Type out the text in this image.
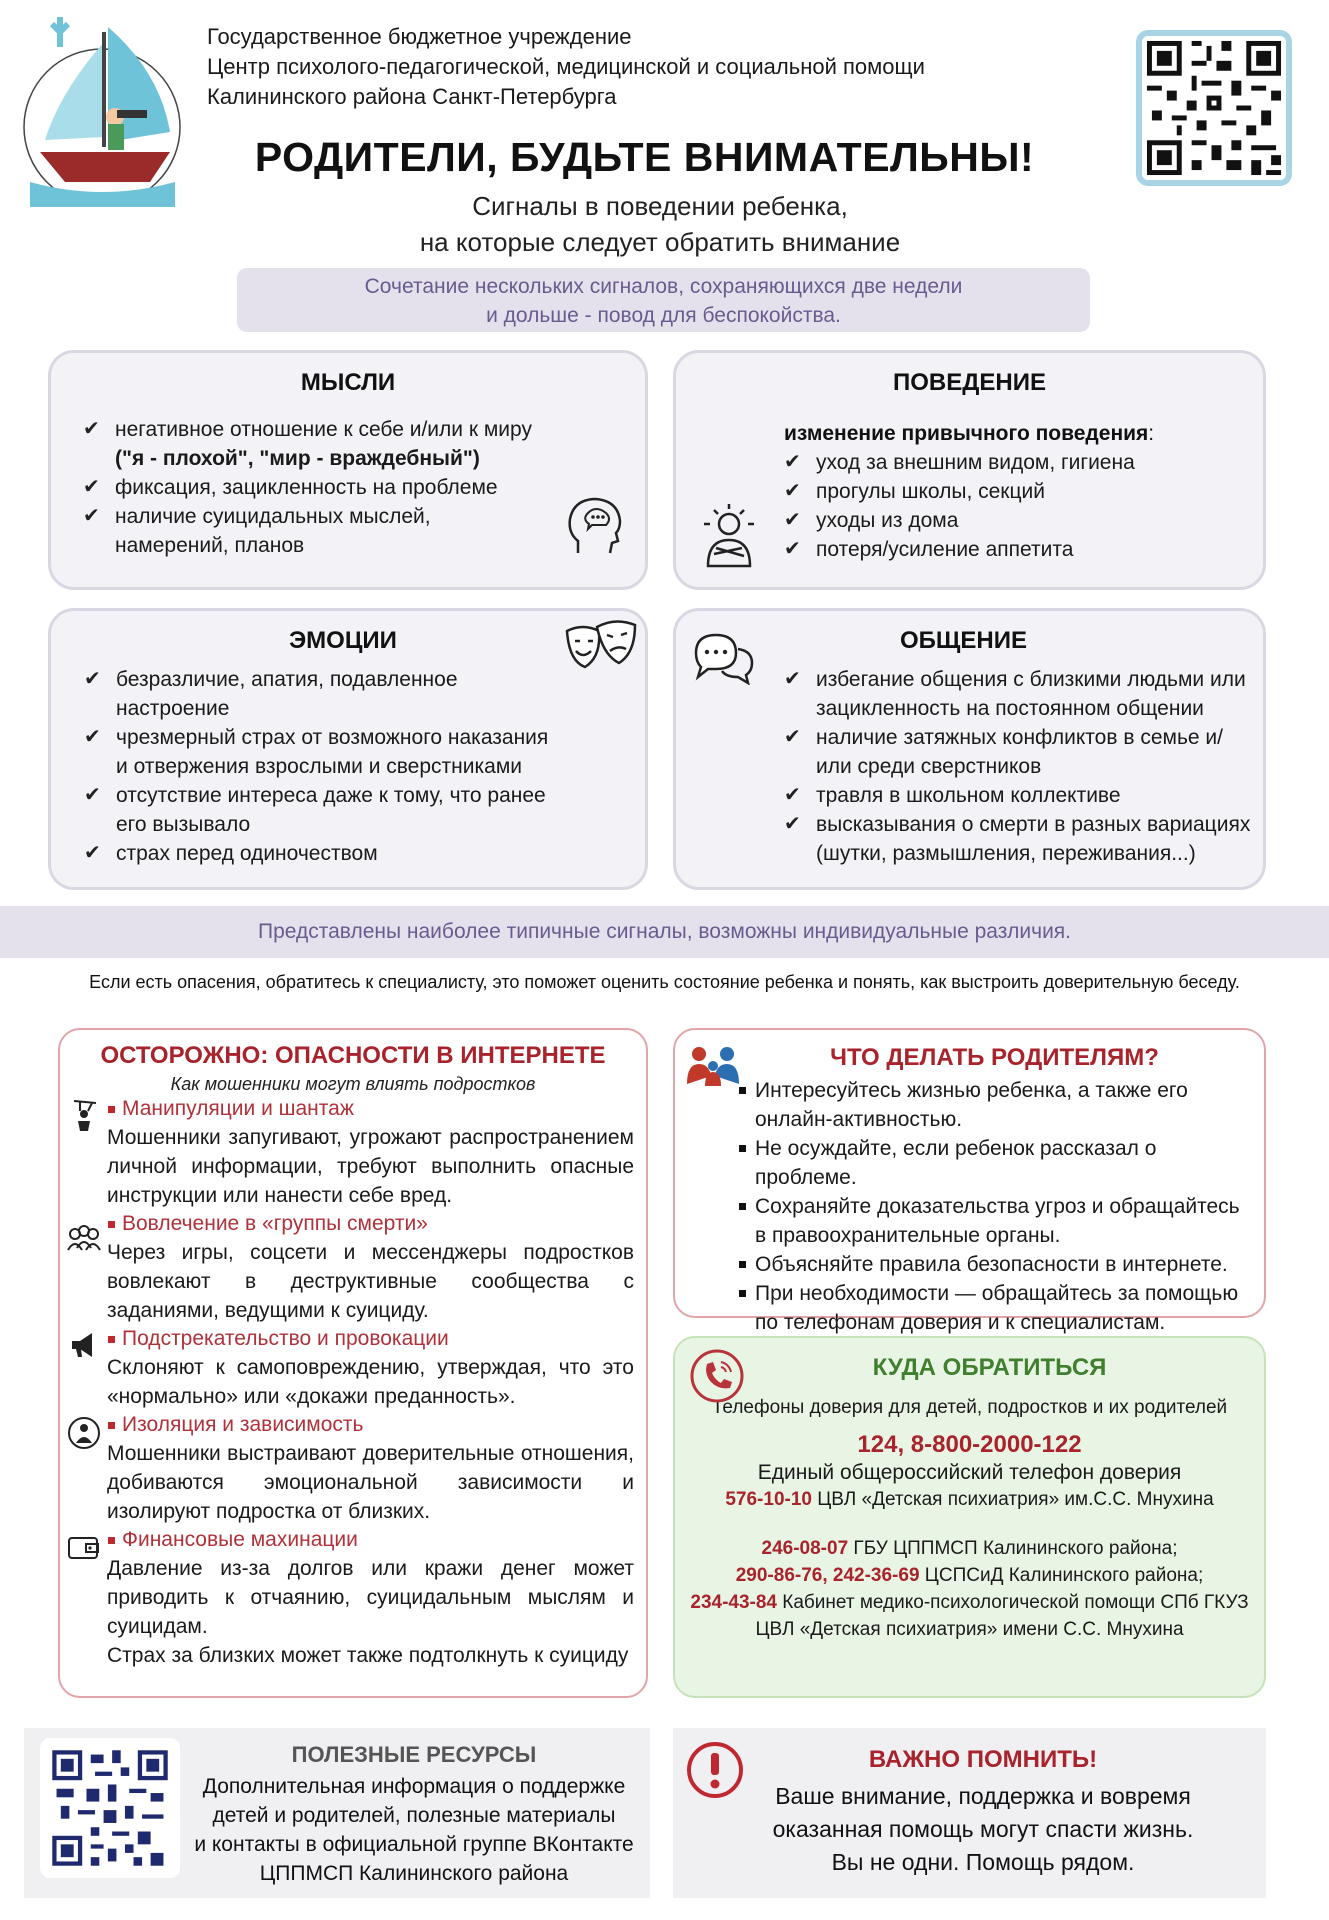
Государственное бюджетное учреждение
Центр психолого-педагогической, медицинской и социальной помощи
Калининского района Санкт-Петербурга
РОДИТЕЛИ, БУДЬТЕ ВНИМАТЕЛЬНЫ!
Сигналы в поведении ребенка,
на которые следует обратить внимание
Сочетание нескольких сигналов, сохраняющихся две недели
и дольше - повод для беспокойства.
МЫСЛИ
✔ негативное отношение к себе и/или к миру
("я - плохой", "мир - враждебный")
✔ фиксация, зацикленность на проблеме
✔ наличие суицидальных мыслей, намерений, планов
ПОВЕДЕНИЕ
изменение привычного поведения:
✔ уход за внешним видом, гигиена
✔ прогулы школы, секций
✔ уходы из дома
✔ потеря/усиление аппетита
ЭМОЦИИ
✔ безразличие, апатия, подавленное настроение
✔ чрезмерный страх от возможного наказания и отвержения взрослыми и сверстниками
✔ отсутствие интереса даже к тому, что ранее его вызывало
✔ страх перед одиночеством
ОБЩЕНИЕ
✔ избегание общения с близкими людьми или зацикленность на постоянном общении
✔ наличие затяжных конфликтов в семье и/или среди сверстников
✔ травля в школьном коллективе
✔ высказывания о смерти в разных вариациях (шутки, размышления, переживания...)
Представлены наиболее типичные сигналы, возможны индивидуальные различия.
Если есть опасения, обратитесь к специалисту, это поможет оценить состояние ребенка и понять, как выстроить доверительную беседу.
ОСТОРОЖНО: ОПАСНОСТИ В ИНТЕРНЕТЕ
Как мошенники могут влиять подростков
Манипуляции и шантаж
Мошенники запугивают, угрожают распространением личной информации, требуют выполнить опасные инструкции или нанести себе вред.
Вовлечение в «группы смерти»
Через игры, соцсети и мессенджеры подростков вовлекают в деструктивные сообщества с заданиями, ведущими к суициду.
Подстрекательство и провокации
Склоняют к самоповреждению, утверждая, что это «нормально» или «докажи преданность».
Изоляция и зависимость
Мошенники выстраивают доверительные отношения, добиваются эмоциональной зависимости и изолируют подростка от близких.
Финансовые махинации
Давление из-за долгов или кражи денег может приводить к отчаянию, суицидальным мыслям и суицидам.
Страх за близких может также подтолкнуть к суициду
ЧТО ДЕЛАТЬ РОДИТЕЛЯМ?
Интересуйтесь жизнью ребенка, а также его онлайн-активностью.
Не осуждайте, если ребенок рассказал о проблеме.
Сохраняйте доказательства угроз и обращайтесь в правоохранительные органы.
Объясняйте правила безопасности в интернете.
При необходимости — обращайтесь за помощью по телефонам доверия и к специалистам.
КУДА ОБРАТИТЬСЯ
Телефоны доверия для детей, подростков и их родителей
124, 8-800-2000-122
Единый общероссийский телефон доверия
576-10-10 ЦВЛ «Детская психиатрия» им.С.С. Мнухина
246-08-07 ГБУ ЦППМСП Калининского района;
290-86-76, 242-36-69 ЦСПСиД Калининского района;
234-43-84 Кабинет медико-психологической помощи СПб ГКУЗ
ЦВЛ «Детская психиатрия» имени С.С. Мнухина
ПОЛЕЗНЫЕ РЕСУРСЫ
Дополнительная информация о поддержке
детей и родителей, полезные материалы
и контакты в официальной группе ВКонтакте
ЦППМСП Калининского района
ВАЖНО ПОМНИТЬ!
Ваше внимание, поддержка и вовремя
оказанная помощь могут спасти жизнь.
Вы не одни. Помощь рядом.
